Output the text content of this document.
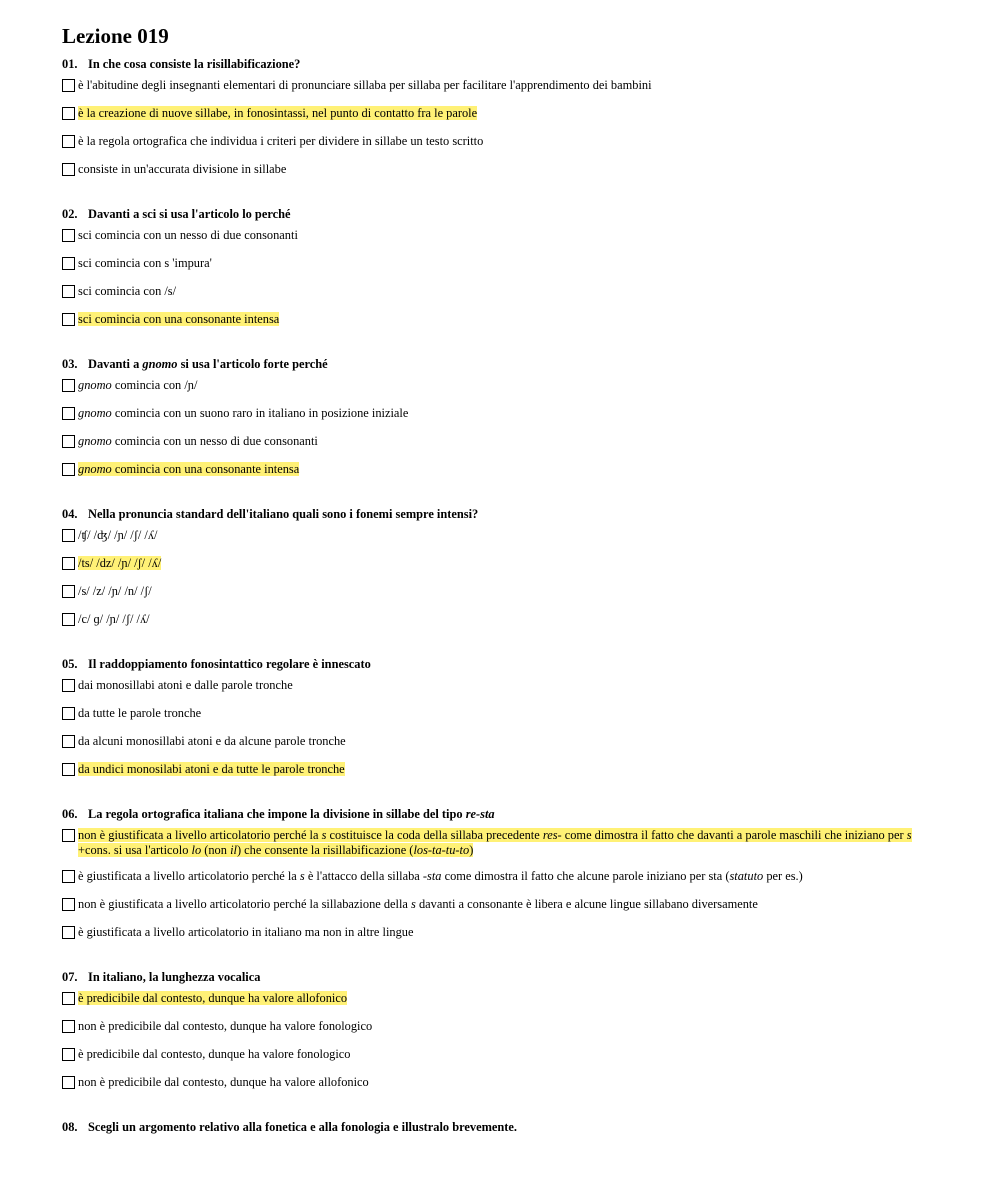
Lezione 019
01. In che cosa consiste la risillabificazione?
è l'abitudine degli insegnanti elementari di pronunciare sillaba per sillaba per facilitare l'apprendimento dei bambini
è la creazione di nuove sillabe, in fonosintassi, nel punto di contatto fra le parole
è la regola ortografica che individua i criteri per dividere in sillabe un testo scritto
consiste in un'accurata divisione in sillabe
02. Davanti a sci si usa l'articolo lo perché
sci comincia con un nesso di due consonanti
sci comincia con s 'impura'
sci comincia con /s/
sci comincia con una consonante intensa
03. Davanti a gnomo si usa l'articolo forte perché
gnomo comincia con /ɲ/
gnomo comincia con un suono raro in italiano in posizione iniziale
gnomo comincia con un nesso di due consonanti
gnomo comincia con una consonante intensa
04. Nella pronuncia standard dell'italiano quali sono i fonemi sempre intensi?
/ʧ/ /ʤ/ /ɲ/ /ʃ/ /ʎ/
/ts/ /dz/ /ɲ/ /ʃ/ /ʎ/
/s/ /z/ /ɲ/ /n/ /ʃ/
/c/ ɡ/ /ɲ/ /ʃ/ /ʎ/
05. Il raddoppiamento fonosintattico regolare è innescato
dai monosillabi atoni e dalle parole tronche
da tutte le parole tronche
da alcuni monosillabi atoni e da alcune parole tronche
da undici monosilabi atoni e da tutte le parole tronche
06. La regola ortografica italiana che impone la divisione in sillabe del tipo re-sta
non è giustificata a livello articolatorio perché la s costituisce la coda della sillaba precedente res- come dimostra il fatto che davanti a parole maschili che iniziano per s +cons. si usa l'articolo lo (non il) che consente la risillabificazione (los-ta-tu-to)
è giustificata a livello articolatorio perché la s è l'attacco della sillaba -sta come dimostra il fatto che alcune parole iniziano per sta (statuto per es.)
non è giustificata a livello articolatorio perché la sillabazione della s davanti a consonante è libera e alcune lingue sillabano diversamente
è giustificata a livello articolatorio in italiano ma non in altre lingue
07. In italiano, la lunghezza vocalica
è predicibile dal contesto, dunque ha valore allofonico
non è predicibile dal contesto, dunque ha valore fonologico
è predicibile dal contesto, dunque ha valore fonologico
non è predicibile dal contesto, dunque ha valore allofonico
08. Scegli un argomento relativo alla fonetica e alla fonologia e illustralo brevemente.
